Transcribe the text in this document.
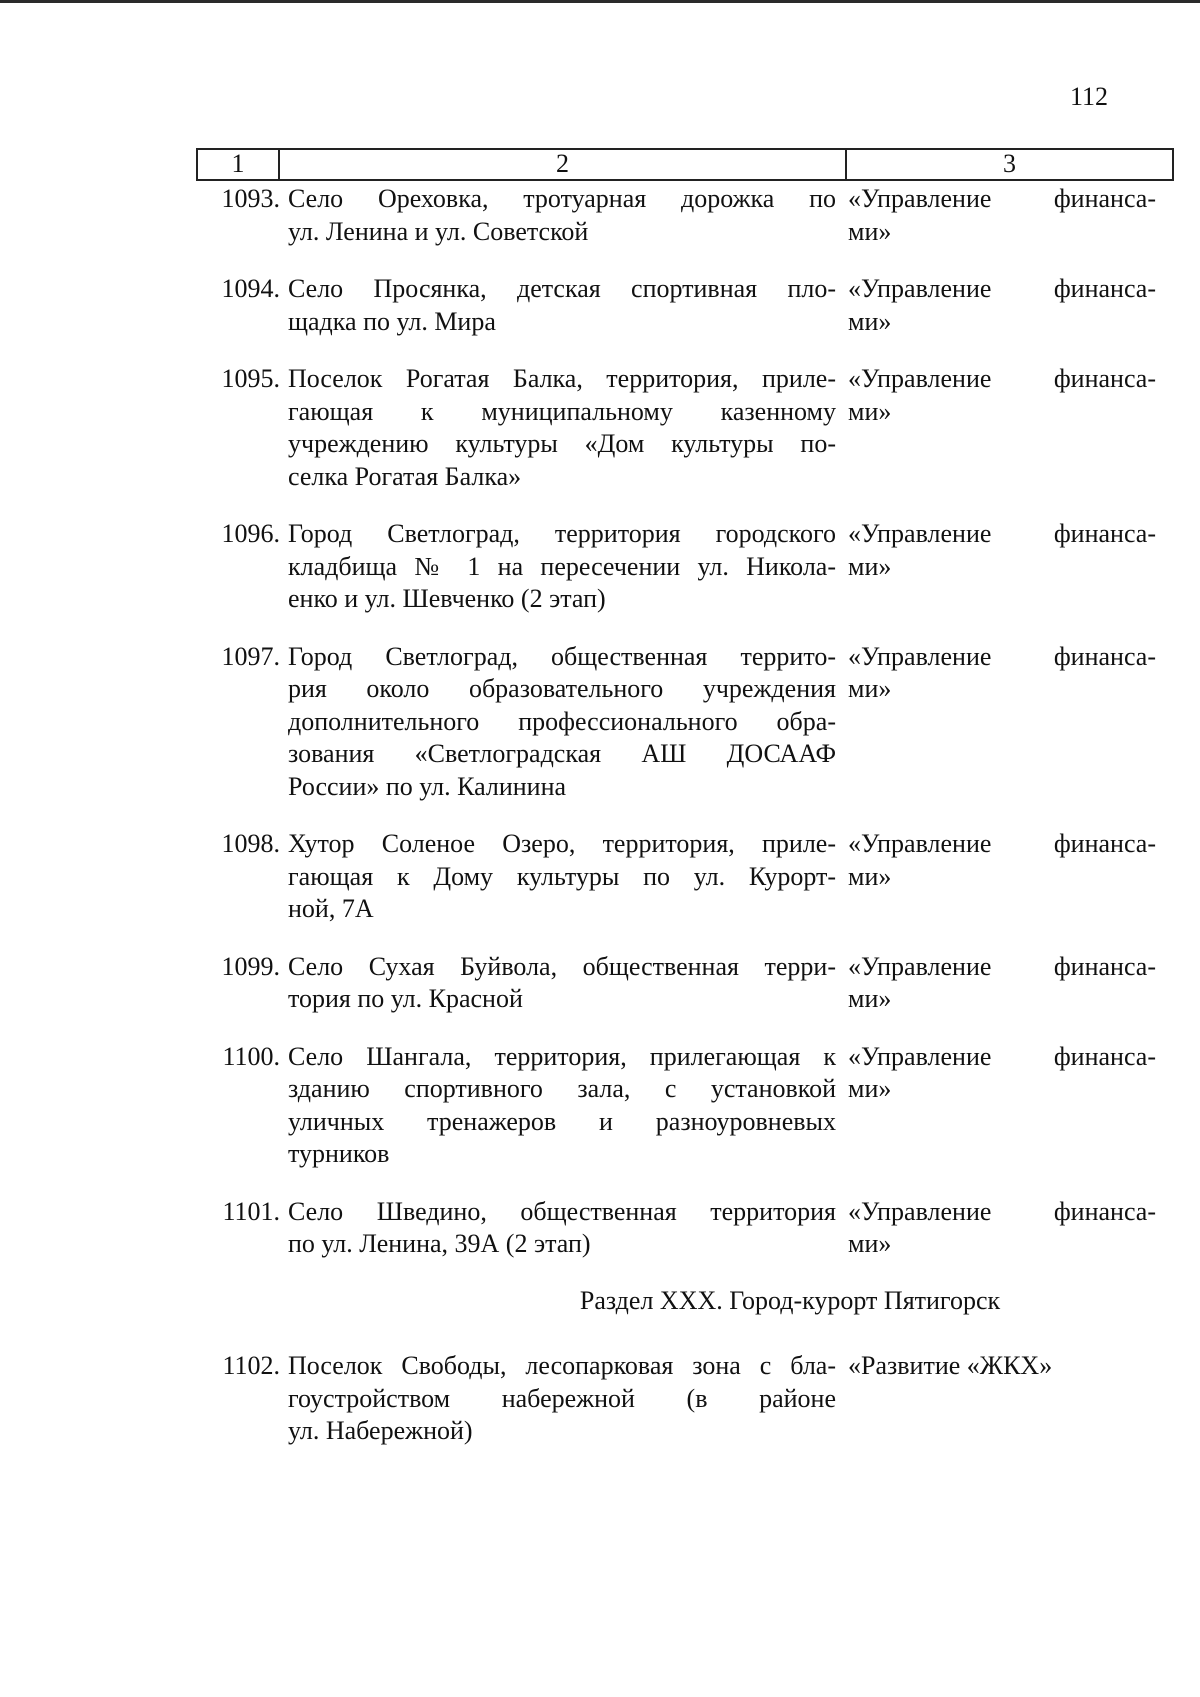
112
1	2	3
1093. Село Ореховка, тротуарная дорожка по
ул. Ленина и ул. Советской
«Управление финанса-
ми»
1094. Село Просянка, детская спортивная пло-
щадка по ул. Мира
«Управление финанса-
ми»
1095. Поселок Рогатая Балка, территория, приле-
гающая к муниципальному казенному
учреждению культуры «Дом культуры по-
селка Рогатая Балка»
«Управление финанса-
ми»
1096. Город Светлоград, территория городского
кладбища № 1 на пересечении ул. Никола-
енко и ул. Шевченко (2 этап)
«Управление финанса-
ми»
1097. Город Светлоград, общественная террито-
рия около образовательного учреждения
дополнительного профессионального обра-
зования «Светлоградская АШ ДОСААФ
России» по ул. Калинина
«Управление финанса-
ми»
1098. Хутор Соленое Озеро, территория, приле-
гающая к Дому культуры по ул. Курорт-
ной, 7А
«Управление финанса-
ми»
1099. Село Сухая Буйвола, общественная терри-
тория по ул. Красной
«Управление финанса-
ми»
1100. Село Шангала, территория, прилегающая к
зданию спортивного зала, с установкой
уличных тренажеров и разноуровневых
турников
«Управление финанса-
ми»
1101. Село Шведино, общественная территория
по ул. Ленина, 39А (2 этап)
«Управление финанса-
ми»
Раздел XXX. Город-курорт Пятигорск
1102. Поселок Свободы, лесопарковая зона с бла-
гоустройством набережной (в районе
ул. Набережной)
«Развитие «ЖКХ»
